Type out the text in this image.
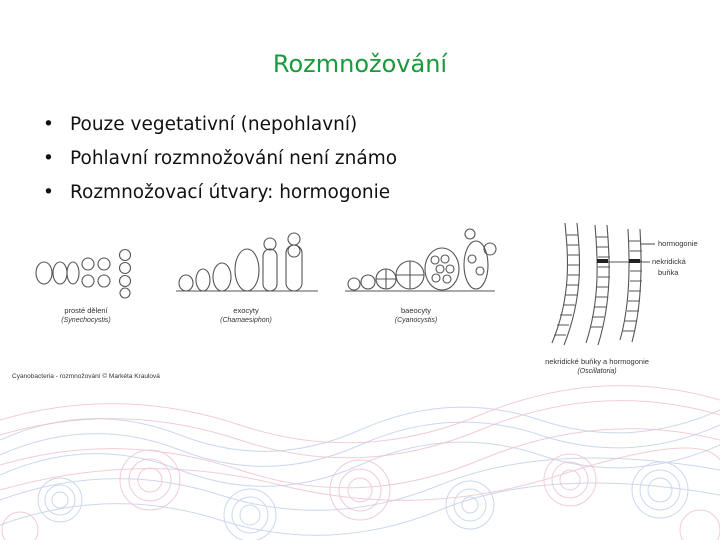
Rozmnožování
• Pouze vegetativní (nepohlavní)
• Pohlavní rozmnožování není známo
• Rozmnožovací útvary: hormogonie
prosté dělení
(Synechocystis)
exocyty
(Chamaesiphon)
baeocyty
(Cyanocystis)
nekridické buňky a hormogonie
(Oscillatoria)
hormogonie
nekridická
buňka
Cyanobacteria - rozmnožování © Markéta Kraulová
